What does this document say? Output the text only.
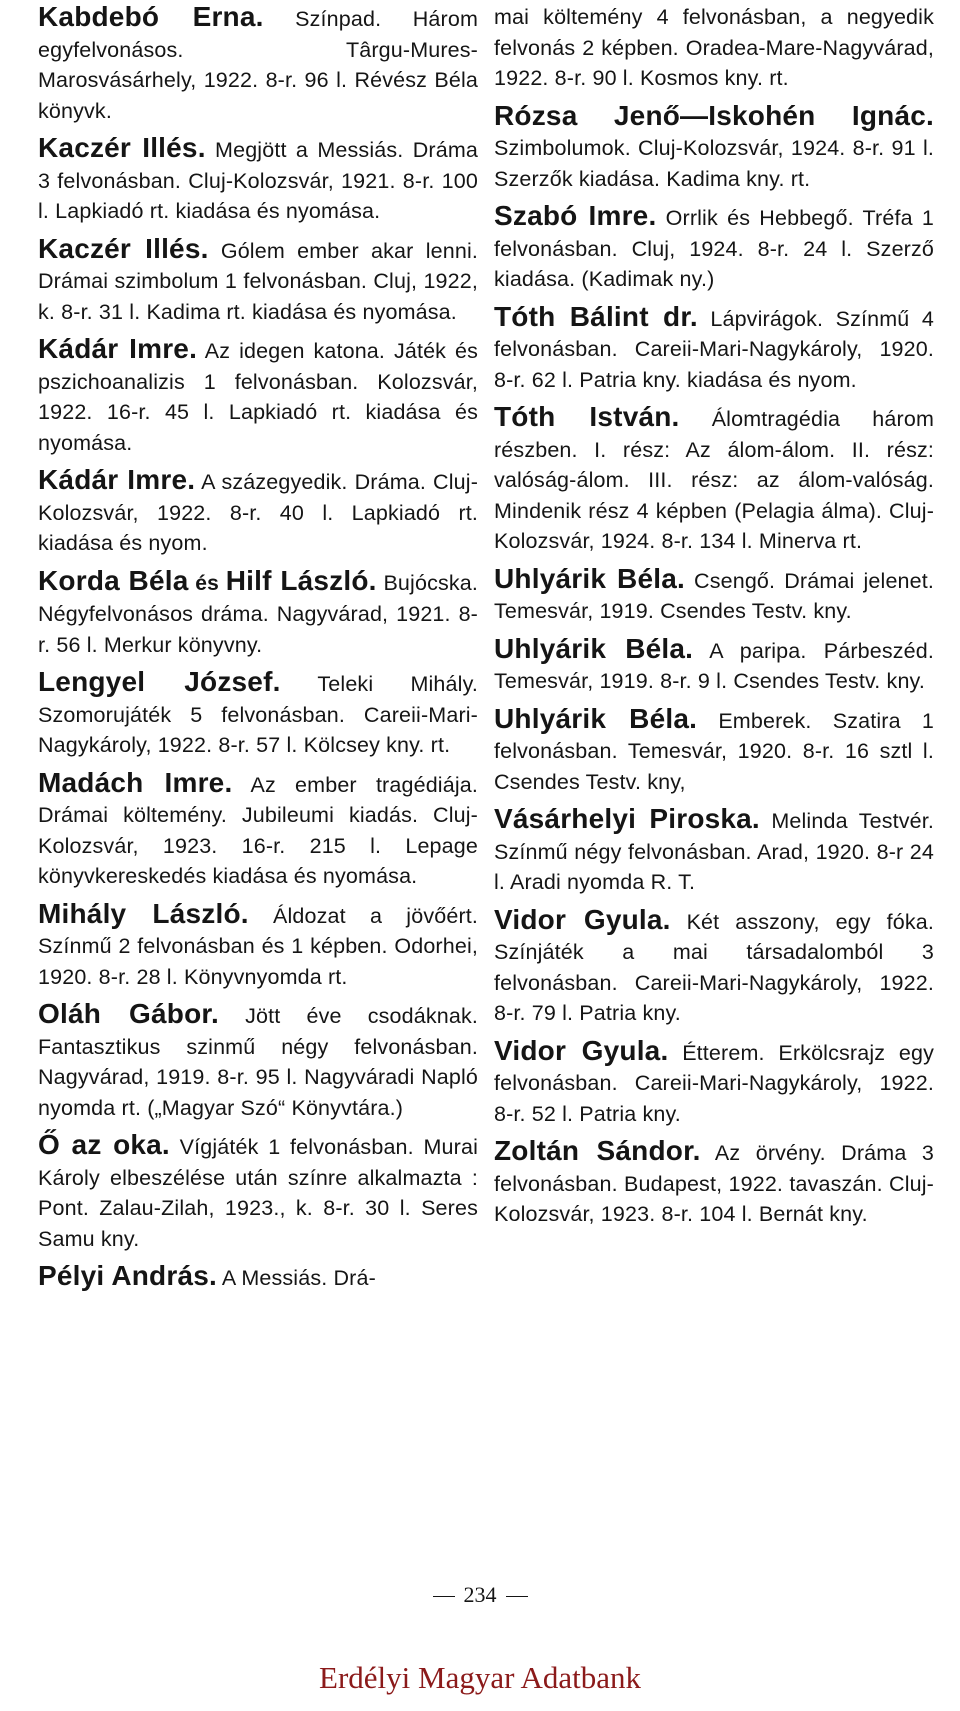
Kabdebó Erna. Színpad. Három egyfelvonásos. Târgu-Mures-Marosvásárhely, 1922. 8-r. 96 l. Révész Béla könyvk.

Kaczér Illés. Megjött a Messiás. Dráma 3 felvonásban. Cluj-Kolozsvár, 1921. 8-r. 100 l. Lapkiadó rt. kiadása és nyomása.

Kaczér Illés. Gólem ember akar lenni. Drámai szimbolum 1 felvonásban. Cluj, 1922, k. 8-r. 31 l. Kadima rt. kiadása és nyomása.

Kádár Imre. Az idegen katona. Játék és pszichoanalizis 1 felvonásban. Kolozsvár, 1922. 16-r. 45 l. Lapkiadó rt. kiadása és nyomása.

Kádár Imre. A százegyedik. Dráma. Cluj-Kolozsvár, 1922. 8-r. 40 l. Lapkiadó rt. kiadása és nyom.

Korda Béla és Hilf László. Bujócska. Négyfelvonásos dráma. Nagyvárad, 1921. 8-r. 56 l. Merkur könyvny.

Lengyel József. Teleki Mihály. Szomorujáték 5 felvonásban. Careii-Mari-Nagykároly, 1922. 8-r. 57 l. Kölcsey kny. rt.

Madách Imre. Az ember tragédiája. Drámai költemény. Jubileumi kiadás. Cluj-Kolozsvár, 1923. 16-r. 215 l. Lepage könyvkereskedés kiadása és nyomása.

Mihály László. Áldozat a jövőért. Színmű 2 felvonásban és 1 képben. Odorhei, 1920. 8-r. 28 l. Könyvnyomda rt.

Oláh Gábor. Jött éve csodáknak. Fantasztikus szinmű négy felvonásban. Nagyvárad, 1919. 8-r. 95 l. Nagyváradi Napló nyomda rt. („Magyar Szó“ Könyvtára.)

Ő az oka. Vígjáték 1 felvonásban. Murai Károly elbeszélése után színre alkalmazta : Pont. Zalau-Zilah, 1923., k. 8-r. 30 l. Seres Samu kny.

Pélyi András. A Messiás. Drá-

mai költemény 4 felvonásban, a negyedik felvonás 2 képben. Oradea-Mare-Nagyvárad, 1922. 8-r. 90 l. Kosmos kny. rt.

Rózsa Jenő—Iskohén Ignác. Szimbolumok. Cluj-Kolozsvár, 1924. 8-r. 91 l. Szerzők kiadása. Kadima kny. rt.

Szabó Imre. Orrlik és Hebbegő. Tréfa 1 felvonásban. Cluj, 1924. 8-r. 24 l. Szerző kiadása. (Kadimak ny.)

Tóth Bálint dr. Lápvirágok. Színmű 4 felvonásban. Careii-Mari-Nagykároly, 1920. 8-r. 62 l. Patria kny. kiadása és nyom.

Tóth István. Álomtragédia három részben. I. rész: Az álom-álom. II. rész: valóság-álom. III. rész: az álom-valóság. Mindenik rész 4 képben (Pelagia álma). Cluj-Kolozsvár, 1924. 8-r. 134 l. Minerva rt.

Uhlyárik Béla. Csengő. Drámai jelenet. Temesvár, 1919. Csendes Testv. kny.

Uhlyárik Béla. A paripa. Párbeszéd. Temesvár, 1919. 8-r. 9 l. Csendes Testv. kny.

Uhlyárik Béla. Emberek. Szatira 1 felvonásban. Temesvár, 1920. 8-r. 16 sztl l. Csendes Testv. kny,

Vásárhelyi Piroska. Melinda Testvér. Színmű négy felvonásban. Arad, 1920. 8-r 24 l. Aradi nyomda R. T.

Vidor Gyula. Két asszony, egy fóka. Színjáték a mai társadalomból 3 felvonásban. Careii-Mari-Nagykároly, 1922. 8-r. 79 l. Patria kny.

Vidor Gyula. Étterem. Erkölcsrajz egy felvonásban. Careii-Mari-Nagykároly, 1922. 8-r. 52 l. Patria kny.

Zoltán Sándor. Az örvény. Dráma 3 felvonásban. Budapest, 1922. tavaszán. Cluj-Kolozsvár, 1923. 8-r. 104 l. Bernát kny.

234
Erdélyi Magyar Adatbank
